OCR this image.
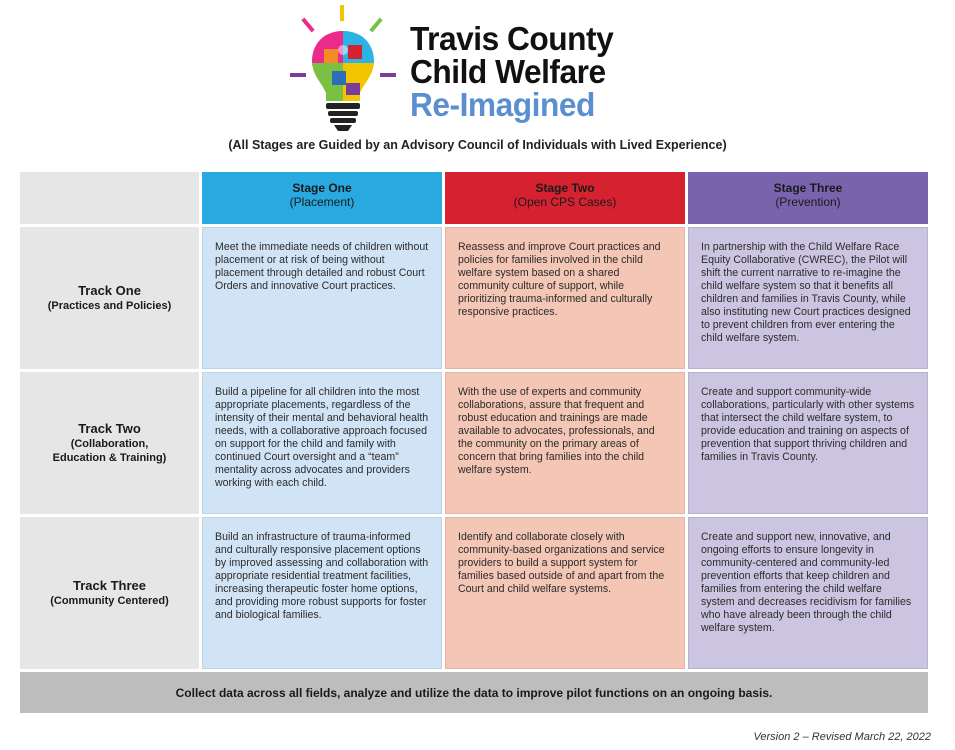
Travis County
Child Welfare
Re-Imagined
(All Stages are Guided by an Advisory Council of Individuals with Lived Experience)
Stage One
(Placement)
Stage Two
(Open CPS Cases)
Stage Three
(Prevention)
Track One
(Practices and Policies)
Meet the immediate needs of children without placement or at risk of being without placement through detailed and robust Court Orders and innovative Court practices.
Reassess and improve Court practices and policies for families involved in the child welfare system based on a shared community culture of support, while prioritizing trauma-informed and culturally responsive practices.
In partnership with the Child Welfare Race Equity Collaborative (CWREC), the Pilot will shift the current narrative to re-imagine the child welfare system so that it benefits all children and families in Travis County, while also instituting new Court practices designed to prevent children from ever entering the child welfare system.
Track Two
(Collaboration, Education & Training)
Build a pipeline for all children into the most appropriate placements, regardless of the intensity of their mental and behavioral health needs, with a collaborative approach focused on support for the child and family with continued Court oversight and a “team” mentality across advocates and providers working with each child.
With the use of experts and community collaborations, assure that frequent and robust education and trainings are made available to advocates, professionals, and the community on the primary areas of concern that bring families into the child welfare system.
Create and support community-wide collaborations, particularly with other systems that intersect the child welfare system, to provide education and training on aspects of prevention that support thriving children and families in Travis County.
Track Three
(Community Centered)
Build an infrastructure of trauma-informed and culturally responsive placement options by improved assessing and collaboration with appropriate residential treatment facilities, increasing therapeutic foster home options, and providing more robust supports for foster and biological families.
Identify and collaborate closely with community-based organizations and service providers to build a support system for families based outside of and apart from the Court and child welfare systems.
Create and support new, innovative, and ongoing efforts to ensure longevity in community-centered and community-led prevention efforts that keep children and families from entering the child welfare system and decreases recidivism for families who have already been through the child welfare system.
Collect data across all fields, analyze and utilize the data to improve pilot functions on an ongoing basis.
Version 2 – Revised March 22, 2022
